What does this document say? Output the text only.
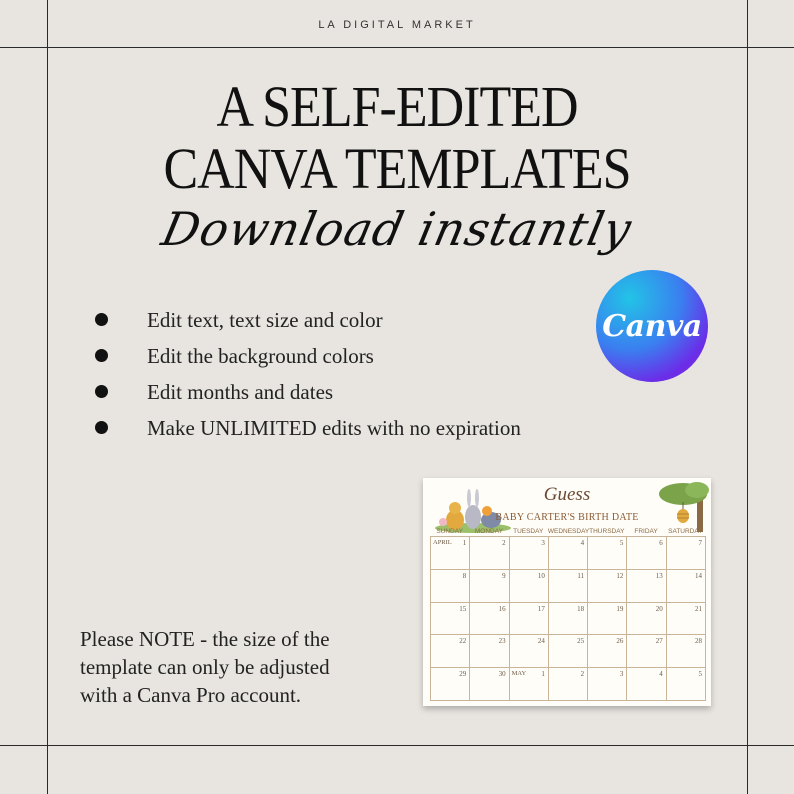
LA DIGITAL MARKET
A SELF-EDITED
CANVA TEMPLATES
Download instantly
Edit text, text size and color
Edit the background colors
Edit months and dates
Make UNLIMITED edits with no expiration
Canva
Please NOTE - the size of the
template can only be adjusted
with a Canva Pro account.
Guess
BABY CARTER'S BIRTH DATE
SUNDAY	MONDAY	TUESDAY WEDNESDAY THURSDAY	FRIDAY	SATURDAY
APRIL 1	2	3	4	5	6	7
8	9	10	11	12	13	14
15	16	17	18	19	20	21
22	23	24	25	26	27	28
29	30 MAY 1	2	3	4	5
